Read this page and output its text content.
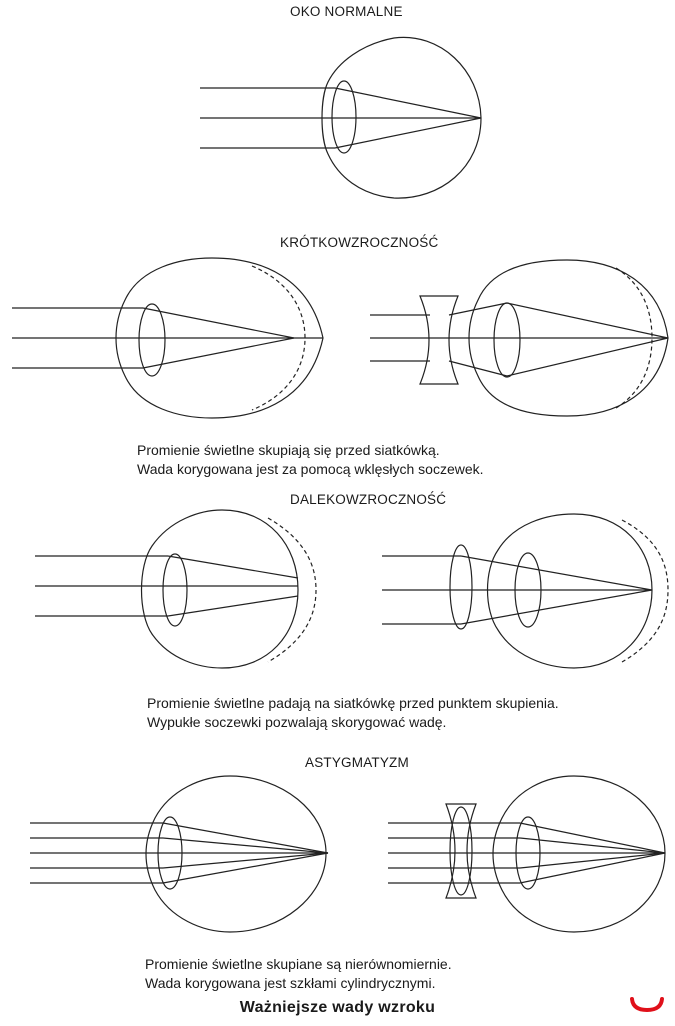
OKO NORMALNE
KRÓTKOWZROCZNOŚĆ
DALEKOWZROCZNOŚĆ
ASTYGMATYZM
Promienie świetlne skupiają się przed siatkówką.
Wada korygowana jest za pomocą wklęsłych soczewek.
Promienie świetlne padają na siatkówkę przed punktem skupienia.
Wypukłe soczewki pozwalają skorygować wadę.
Promienie świetlne skupiane są nierównomiernie.
Wada korygowana jest szkłami cylindrycznymi.
Ważniejsze wady wzroku
